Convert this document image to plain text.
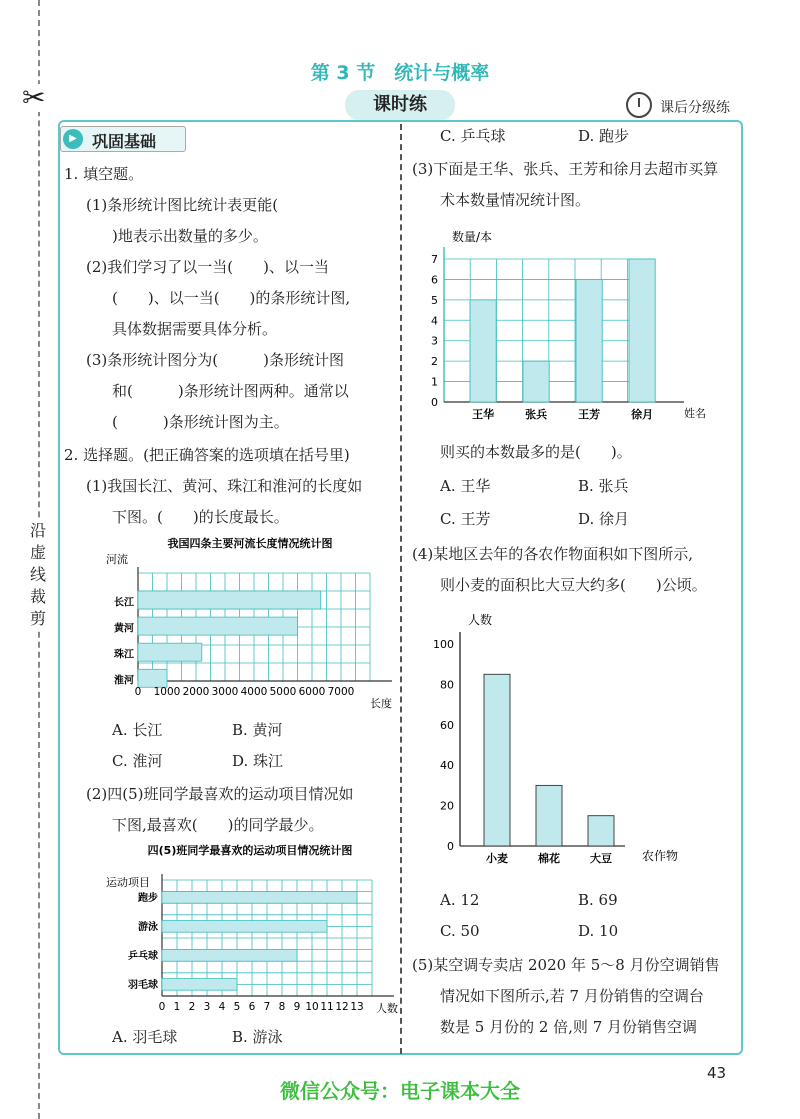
✂
沿虚线裁剪
第 3 节　统计与概率
课时练	课后分级练
▶ 巩固基础
1. 填空题。
(1)条形统计图比统计表更能(
)地表示出数量的多少。
(2)我们学习了以一当(　　)、以一当
(　　)、以一当(　　)的条形统计图,
具体数据需要具体分析。
(3)条形统计图分为(　　　)条形统计图
和(　　　)条形统计图两种。通常以
(　　　)条形统计图为主。
2. 选择题。(把正确答案的选项填在括号里)
(1)我国长江、黄河、珠江和淮河的长度如
下图。(　　)的长度最长。
我国四条主要河流长度情况统计图
河流
长度
长江
黄河
珠江
淮河
0 1000 2000 3000 4000 5000 6000 7000
A. 长江	B. 黄河
C. 淮河	D. 珠江
(2)四(5)班同学最喜欢的运动项目情况如
下图,最喜欢(　　)的同学最少。
四(5)班同学最喜欢的运动项目情况统计图
运动项目
人数
跑步
游泳
乒乓球
羽毛球
0 1 2 3 4 5 6 7 8 9 10 11 12 13
A. 羽毛球	B. 游泳
C. 乒乓球	D. 跑步
(3)下面是王华、张兵、王芳和徐月去超市买算
术本数量情况统计图。
数量/本
姓名
王华	张兵	王芳	徐月
0
1
2
3
4
5
6
7
则买的本数最多的是(　　)。
A. 王华	B. 张兵
C. 王芳	D. 徐月
(4)某地区去年的各农作物面积如下图所示,
则小麦的面积比大豆大约多(　　)公顷。
人数
农作物
小麦	棉花	大豆
0
20
40
60
80
100
A. 12	B. 69
C. 50	D. 10
(5)某空调专卖店 2020 年 5～8 月份空调销售
情况如下图所示,若 7 月份销售的空调台
数是 5 月份的 2 倍,则 7 月份销售空调
微信公众号：电子课本大全
43
